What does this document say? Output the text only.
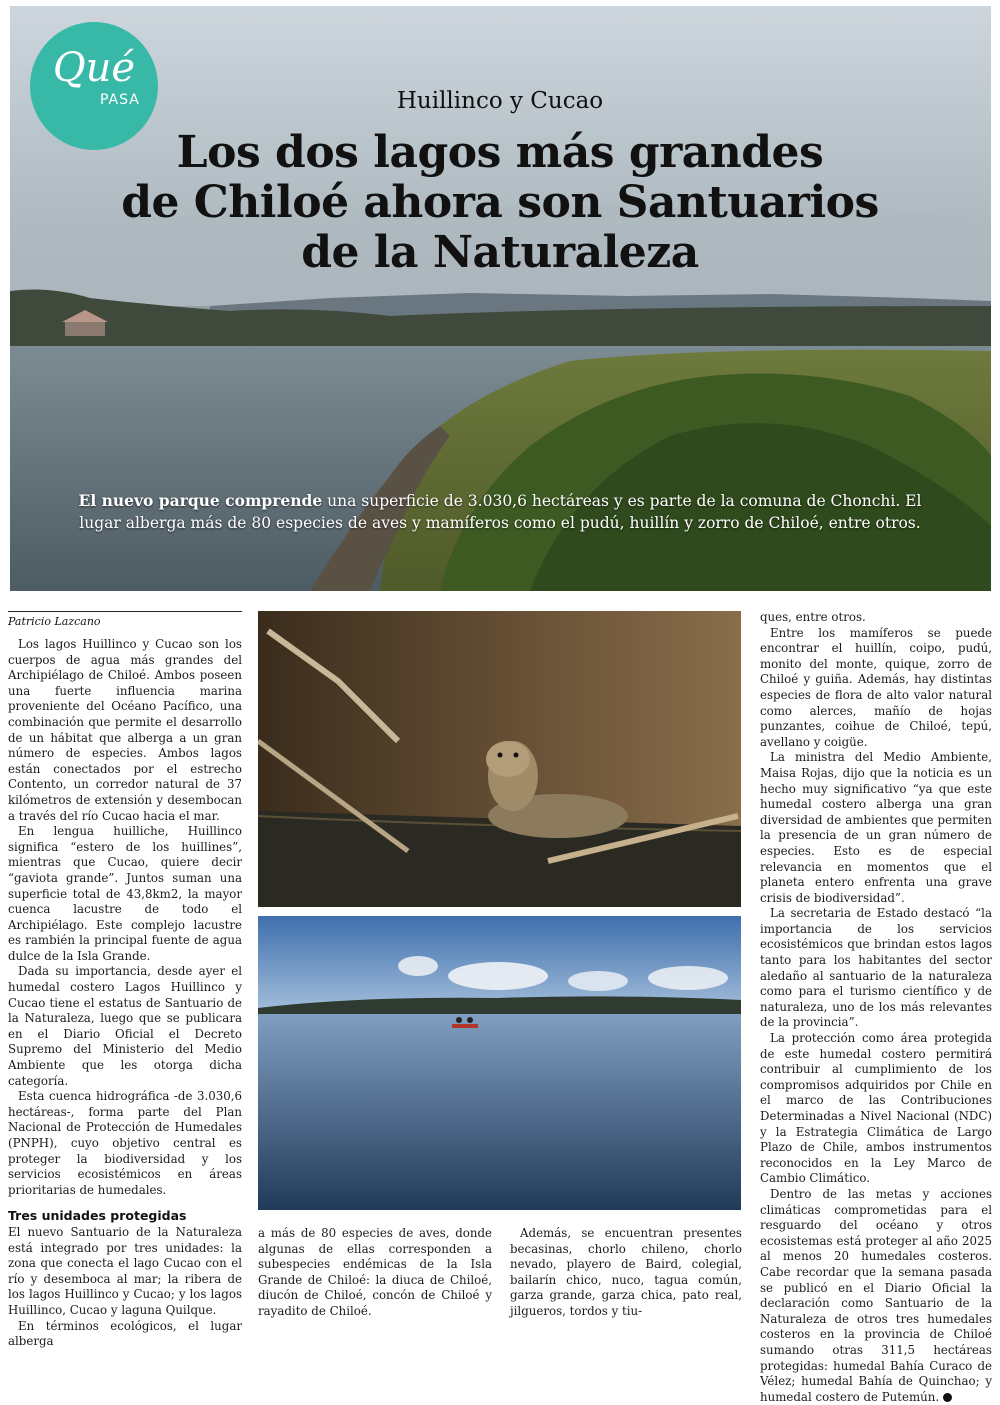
Qué
PASA	Huillinco y Cucao
Los dos lagos más grandes
de Chiloé ahora son Santuarios
de la Naturaleza
El nuevo parque comprende una superficie de 3.030,6 hectáreas y es parte de la comuna de Chonchi. El lugar alberga más de 80 especies de aves y mamíferos como el pudú, huillín y zorro de Chiloé, entre otros.
Patricio Lazcano

Los lagos Huillinco y Cucao son los cuerpos de agua más grandes del Archipiélago de Chiloé. Ambos poseen una fuerte influencia marina proveniente del Océano Pacífico, una combinación que permite el desarrollo de un hábitat que alberga a un gran número de especies. Ambos lagos están conectados por el estrecho Contento, un corredor natural de 37 kilómetros de extensión y desembocan a través del río Cucao hacia el mar.

En lengua huilliche, Huillinco significa “estero de los huillines”, mientras que Cucao, quiere decir “gaviota grande”. Juntos suman una superficie total de 43,8km2, la mayor cuenca lacustre de todo el Archipiélago. Este complejo lacustre es rambién la principal fuente de agua dulce de la Isla Grande.

Dada su importancia, desde ayer el humedal costero Lagos Huillinco y Cucao tiene el estatus de Santuario de la Naturaleza, luego que se publicara en el Diario Oficial el Decreto Supremo del Ministerio del Medio Ambiente que les otorga dicha categoría.

Esta cuenca hidrográfica -de 3.030,6 hectáreas-, forma parte del Plan Nacional de Protección de Humedales (PNPH), cuyo objetivo central es proteger la biodiversidad y los servicios ecosistémicos en áreas prioritarias de humedales.

Tres unidades protegidas

El nuevo Santuario de la Naturaleza está integrado por tres unidades: la zona que conecta el lago Cucao con el río y desemboca al mar; la ribera de los lagos Huillinco y Cucao; y los lagos Huillinco, Cucao y laguna Quilque.

En términos ecológicos, el lugar alberga

a más de 80 especies de aves, donde algunas de ellas corresponden a subespecies endémicas de la Isla Grande de Chiloé: la diuca de Chiloé, diucón de Chiloé, concón de Chiloé y rayadito de Chiloé.

Además, se encuentran presentes becasinas, chorlo chileno, chorlo nevado, playero de Baird, colegial, bailarín chico, nuco, tagua común, garza grande, garza chica, pato real, jilgueros, tordos y tiu-

ques, entre otros.

Entre los mamíferos se puede encontrar el huillín, coipo, pudú, monito del monte, quique, zorro de Chiloé y guiña. Además, hay distintas especies de flora de alto valor natural como alerces, mañío de hojas punzantes, coihue de Chiloé, tepú, avellano y coigüe.

La ministra del Medio Ambiente, Maisa Rojas, dijo que la noticia es un hecho muy significativo “ya que este humedal costero alberga una gran diversidad de ambientes que permiten la presencia de un gran número de especies. Esto es de especial relevancia en momentos que el planeta entero enfrenta una grave crisis de biodiversidad”.

La secretaria de Estado destacó “la importancia de los servicios ecosistémicos que brindan estos lagos tanto para los habitantes del sector aledaño al santuario de la naturaleza como para el turismo científico y de naturaleza, uno de los más relevantes de la provincia”.

La protección como área protegida de este humedal costero permitirá contribuir al cumplimiento de los compromisos adquiridos por Chile en el marco de las Contribuciones Determinadas a Nivel Nacional (NDC) y la Estrategia Climática de Largo Plazo de Chile, ambos instrumentos reconocidos en la Ley Marco de Cambio Climático.

Dentro de las metas y acciones climáticas comprometidas para el resguardo del océano y otros ecosistemas está proteger al año 2025 al menos 20 humedales costeros. Cabe recordar que la semana pasada se publicó en el Diario Oficial la declaración como Santuario de la Naturaleza de otros tres humedales costeros en la provincia de Chiloé sumando otras 311,5 hectáreas protegidas: humedal Bahía Curaco de Vélez; humedal Bahía de Quinchao; y humedal costero de Putemún.
